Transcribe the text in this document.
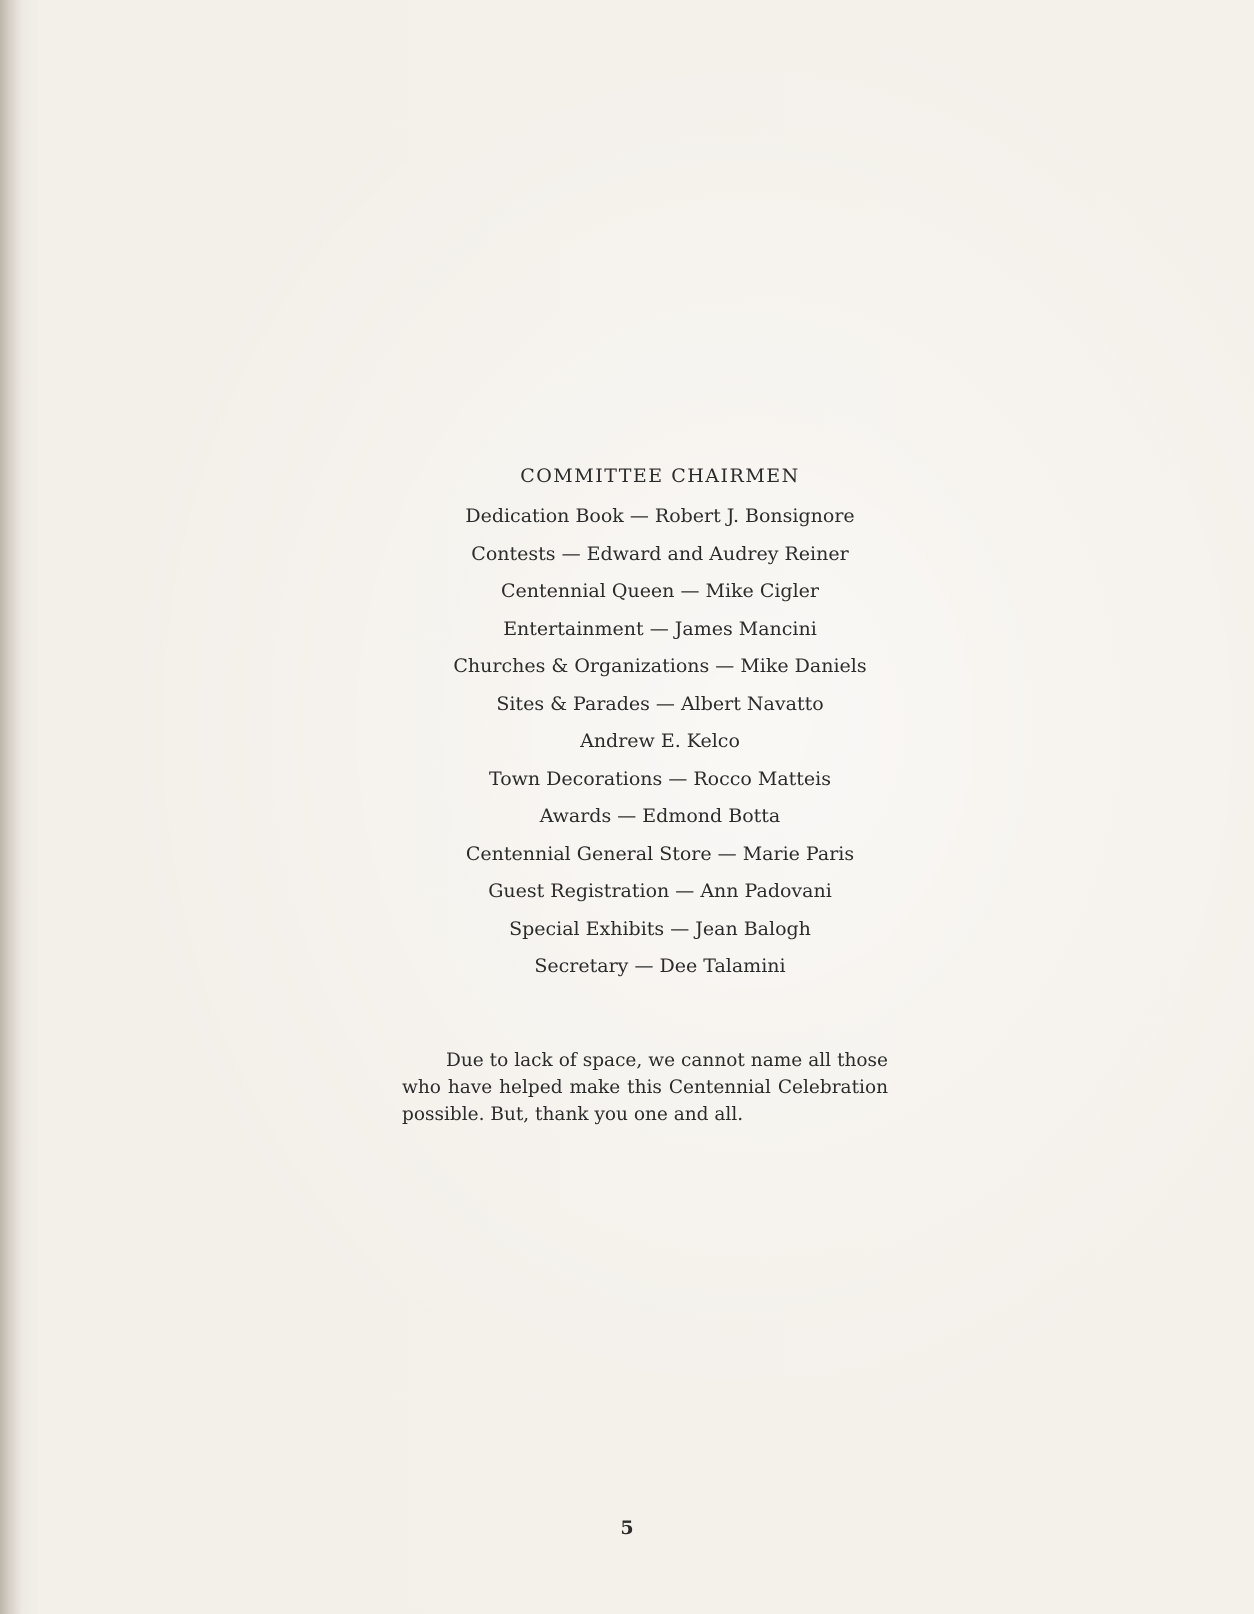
COMMITTEE CHAIRMEN
Dedication Book — Robert J. Bonsignore
Contests — Edward and Audrey Reiner
Centennial Queen — Mike Cigler
Entertainment — James Mancini
Churches & Organizations — Mike Daniels
Sites & Parades — Albert Navatto
Andrew E. Kelco
Town Decorations — Rocco Matteis
Awards — Edmond Botta
Centennial General Store — Marie Paris
Guest Registration — Ann Padovani
Special Exhibits — Jean Balogh
Secretary — Dee Talamini

Due to lack of space, we cannot name all those who have helped make this Centennial Celebration possible. But, thank you one and all.

5
